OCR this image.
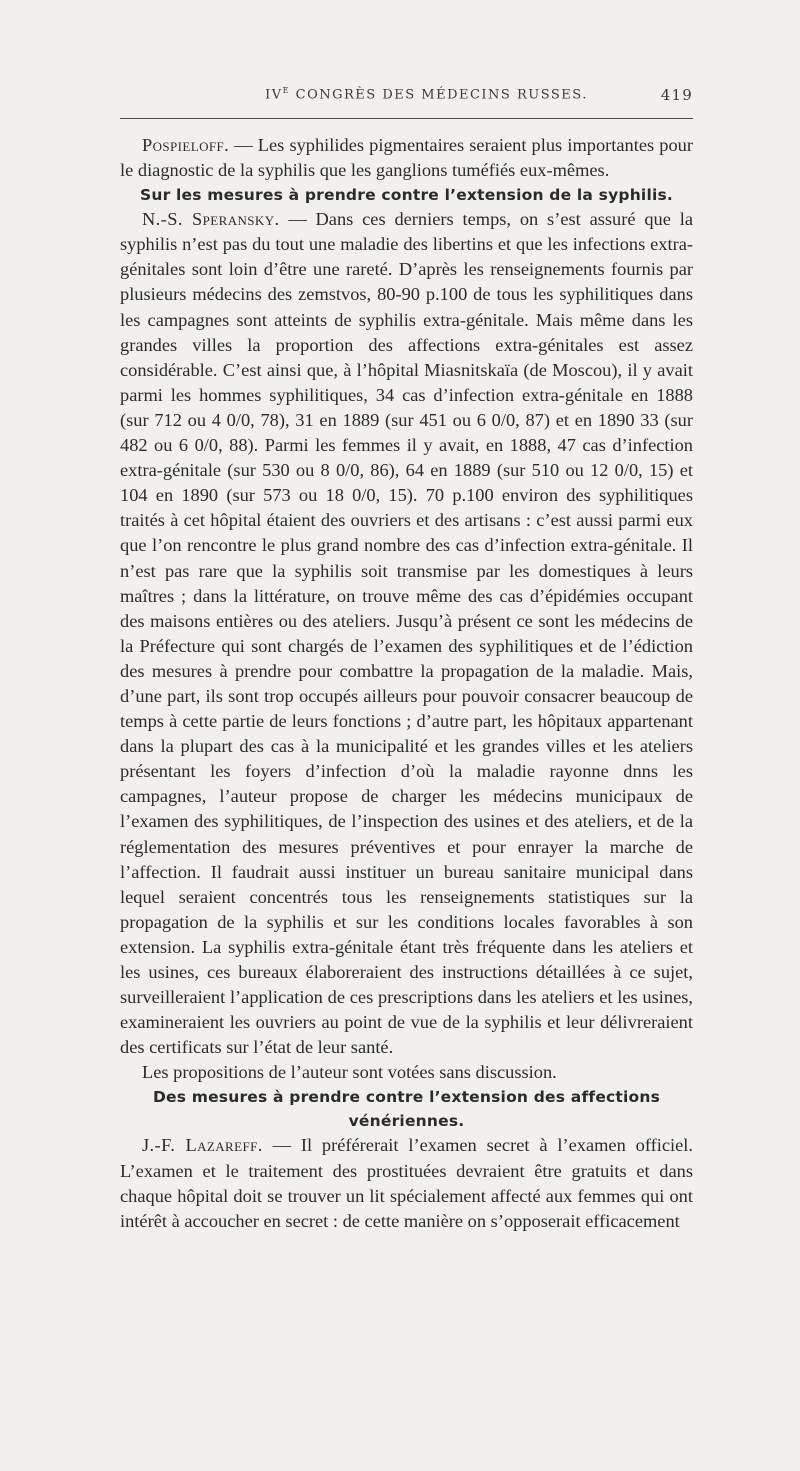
$IV^E$ CONGRÈS DES MÉDECINS RUSSES.	419

Pospieloff. — Les syphilides pigmentaires seraient plus importantes pour le diagnostic de la syphilis que les ganglions tuméfiés eux-mêmes.

Sur les mesures à prendre contre l’extension de la syphilis.

N.-S. Speransky. — Dans ces derniers temps, on s’est assuré que la syphilis n’est pas du tout une maladie des libertins et que les infections extra-génitales sont loin d’être une rareté. D’après les renseignements fournis par plusieurs médecins des zemstvos, 80-90 p.100 de tous les syphilitiques dans les campagnes sont atteints de syphilis extra-génitale. Mais même dans les grandes villes la proportion des affections extra-génitales est assez considérable. C’est ainsi que, à l’hôpital Miasnitskaïa (de Moscou), il y avait parmi les hommes syphilitiques, 34 cas d’infection extra-génitale en 1888 (sur 712 ou 4 0/0, 78), 31 en 1889 (sur 451 ou 6 0/0, 87) et en 1890 33 (sur 482 ou 6 0/0, 88). Parmi les femmes il y avait, en 1888, 47 cas d’infection extra-génitale (sur 530 ou 8 0/0, 86), 64 en 1889 (sur 510 ou 12 0/0, 15) et 104 en 1890 (sur 573 ou 18 0/0, 15). 70 p.100 environ des syphilitiques traités à cet hôpital étaient des ouvriers et des artisans : c’est aussi parmi eux que l’on rencontre le plus grand nombre des cas d’infection extra-génitale. Il n’est pas rare que la syphilis soit transmise par les domestiques à leurs maîtres ; dans la littérature, on trouve même des cas d’épidémies occupant des maisons entières ou des ateliers. Jusqu’à présent ce sont les médecins de la Préfecture qui sont chargés de l’examen des syphilitiques et de l’édiction des mesures à prendre pour combattre la propagation de la maladie. Mais, d’une part, ils sont trop occupés ailleurs pour pouvoir consacrer beaucoup de temps à cette partie de leurs fonctions ; d’autre part, les hôpitaux appartenant dans la plupart des cas à la municipalité et les grandes villes et les ateliers présentant les foyers d’infection d’où la maladie rayonne dnns les campagnes, l’auteur propose de charger les médecins municipaux de l’examen des syphilitiques, de l’inspection des usines et des ateliers, et de la réglementation des mesures préventives et pour enrayer la marche de l’affection. Il faudrait aussi instituer un bureau sanitaire municipal dans lequel seraient concentrés tous les renseignements statistiques sur la propagation de la syphilis et sur les conditions locales favorables à son extension. La syphilis extra-génitale étant très fréquente dans les ateliers et les usines, ces bureaux élaboreraient des instructions détaillées à ce sujet, surveilleraient l’application de ces prescriptions dans les ateliers et les usines, examineraient les ouvriers au point de vue de la syphilis et leur délivreraient des certificats sur l’état de leur santé.

Les propositions de l’auteur sont votées sans discussion.

Des mesures à prendre contre l’extension des affections vénériennes.

J.-F. Lazareff. — Il préférerait l’examen secret à l’examen officiel. L’examen et le traitement des prostituées devraient être gratuits et dans chaque hôpital doit se trouver un lit spécialement affecté aux femmes qui ont intérêt à accoucher en secret : de cette manière on s’opposerait efficacement
